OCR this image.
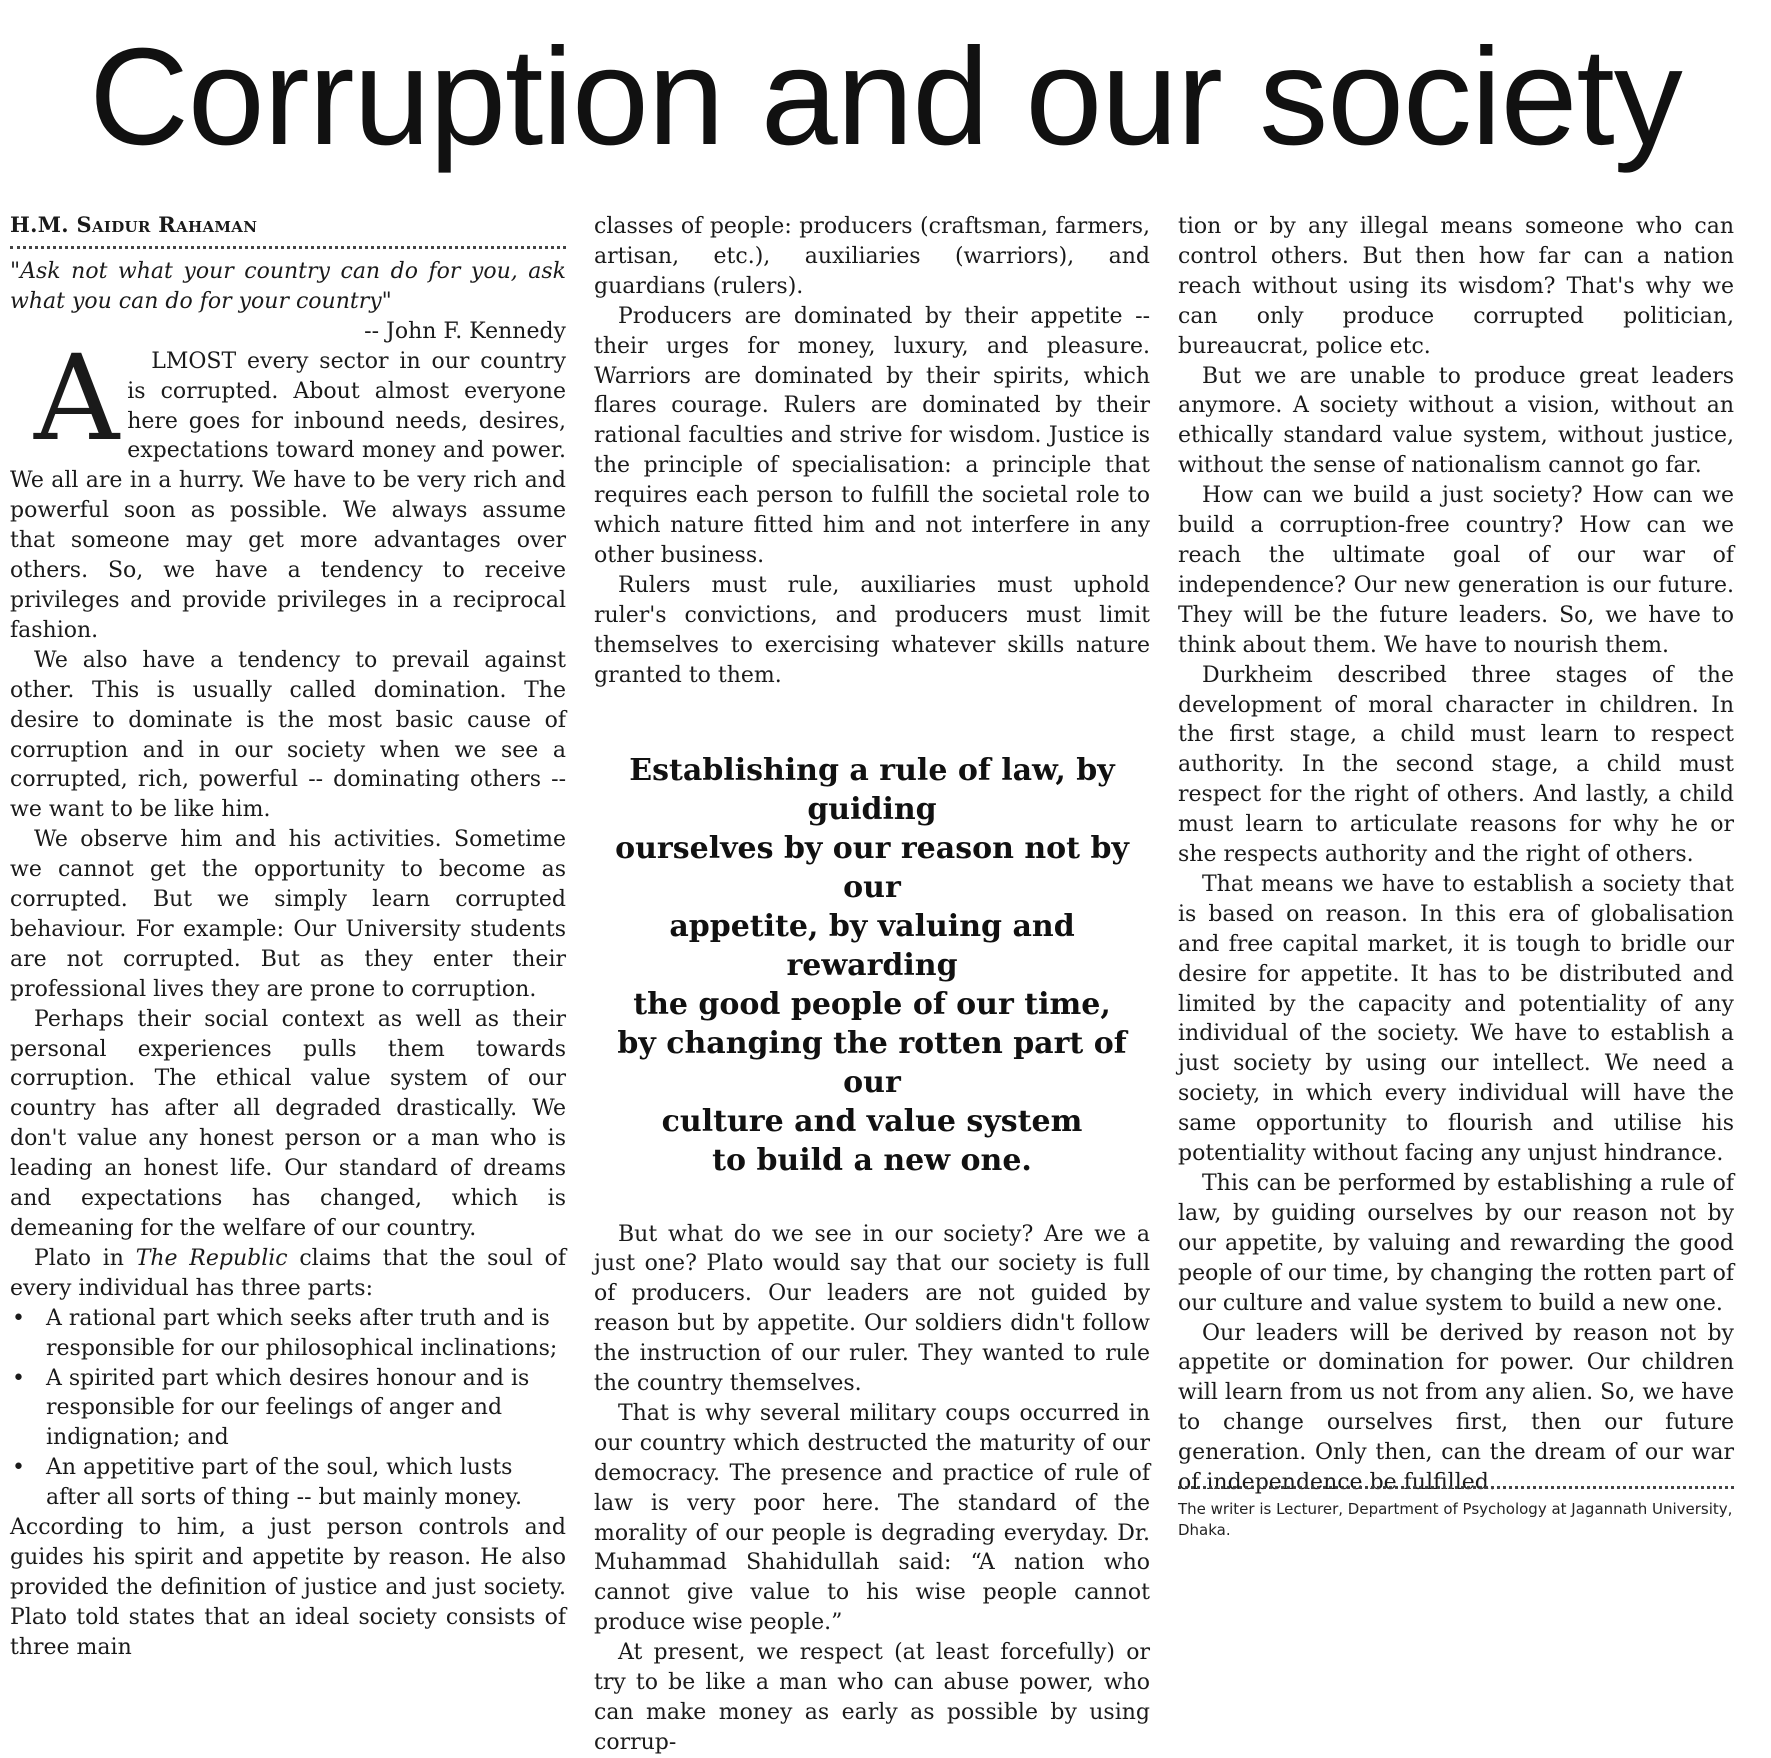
Corruption and our society
H.M. Saidur Rahaman

"Ask not what your country can do for you, ask what you can do for your country"

-- John F. Kennedy

A LMOST every sector in our country is corrupted. About almost everyone here goes for inbound needs, desires, expectations toward money and power. We all are in a hurry. We have to be very rich and powerful soon as possible. We always assume that someone may get more advantages over others. So, we have a tendency to receive privileges and provide privileges in a reciprocal fashion.

We also have a tendency to prevail against other. This is usually called domination. The desire to dominate is the most basic cause of corruption and in our society when we see a corrupted, rich, powerful -- dominating others -- we want to be like him.

We observe him and his activities. Sometime we cannot get the opportunity to become as corrupted. But we simply learn corrupted behaviour. For example: Our University students are not corrupted. But as they enter their professional lives they are prone to corruption.

Perhaps their social context as well as their personal experiences pulls them towards corruption. The ethical value system of our country has after all degraded drastically. We don't value any honest person or a man who is leading an honest life. Our standard of dreams and expectations has changed, which is demeaning for the welfare of our country.

Plato in The Republic claims that the soul of every individual has three parts:

• A rational part which seeks after truth and is responsible for our philosophical inclinations;
• A spirited part which desires honour and is responsible for our feelings of anger and indignation; and
• An appetitive part of the soul, which lusts after all sorts of thing -- but mainly money.

According to him, a just person controls and guides his spirit and appetite by reason. He also provided the definition of justice and just society. Plato told states that an ideal society consists of three main

classes of people: producers (craftsman, farmers, artisan, etc.), auxiliaries (warriors), and guardians (rulers).

Producers are dominated by their appetite -- their urges for money, luxury, and pleasure. Warriors are dominated by their spirits, which flares courage. Rulers are dominated by their rational faculties and strive for wisdom. Justice is the principle of specialisation: a principle that requires each person to fulfill the societal role to which nature fitted him and not interfere in any other business.

Rulers must rule, auxiliaries must uphold ruler's convictions, and producers must limit themselves to exercising whatever skills nature granted to them.

Establishing a rule of law, by guiding
ourselves by our reason not by our
appetite, by valuing and rewarding
the good people of our time,
by changing the rotten part of our
culture and value system
to build a new one.

But what do we see in our society? Are we a just one? Plato would say that our society is full of producers. Our leaders are not guided by reason but by appetite. Our soldiers didn't follow the instruction of our ruler. They wanted to rule the country themselves.

That is why several military coups occurred in our country which destructed the maturity of our democracy. The presence and practice of rule of law is very poor here. The standard of the morality of our people is degrading everyday. Dr. Muhammad Shahidullah said: “A nation who cannot give value to his wise people cannot produce wise people.”

At present, we respect (at least forcefully) or try to be like a man who can abuse power, who can make money as early as possible by using corrup-

tion or by any illegal means someone who can control others. But then how far can a nation reach without using its wisdom? That's why we can only produce corrupted politician, bureaucrat, police etc.

But we are unable to produce great leaders anymore. A society without a vision, without an ethically standard value system, without justice, without the sense of nationalism cannot go far.

How can we build a just society? How can we build a corruption-free country? How can we reach the ultimate goal of our war of independence? Our new generation is our future. They will be the future leaders. So, we have to think about them. We have to nourish them.

Durkheim described three stages of the development of moral character in children. In the first stage, a child must learn to respect authority. In the second stage, a child must respect for the right of others. And lastly, a child must learn to articulate reasons for why he or she respects authority and the right of others.

That means we have to establish a society that is based on reason. In this era of globalisation and free capital market, it is tough to bridle our desire for appetite. It has to be distributed and limited by the capacity and potentiality of any individual of the society. We have to establish a just society by using our intellect. We need a society, in which every individual will have the same opportunity to flourish and utilise his potentiality without facing any unjust hindrance.

This can be performed by establishing a rule of law, by guiding ourselves by our reason not by our appetite, by valuing and rewarding the good people of our time, by changing the rotten part of our culture and value system to build a new one.

Our leaders will be derived by reason not by appetite or domination for power. Our children will learn from us not from any alien. So, we have to change ourselves first, then our future generation. Only then, can the dream of our war of independence be fulfilled.

The writer is Lecturer, Department of Psychology at Jagannath University, Dhaka.
